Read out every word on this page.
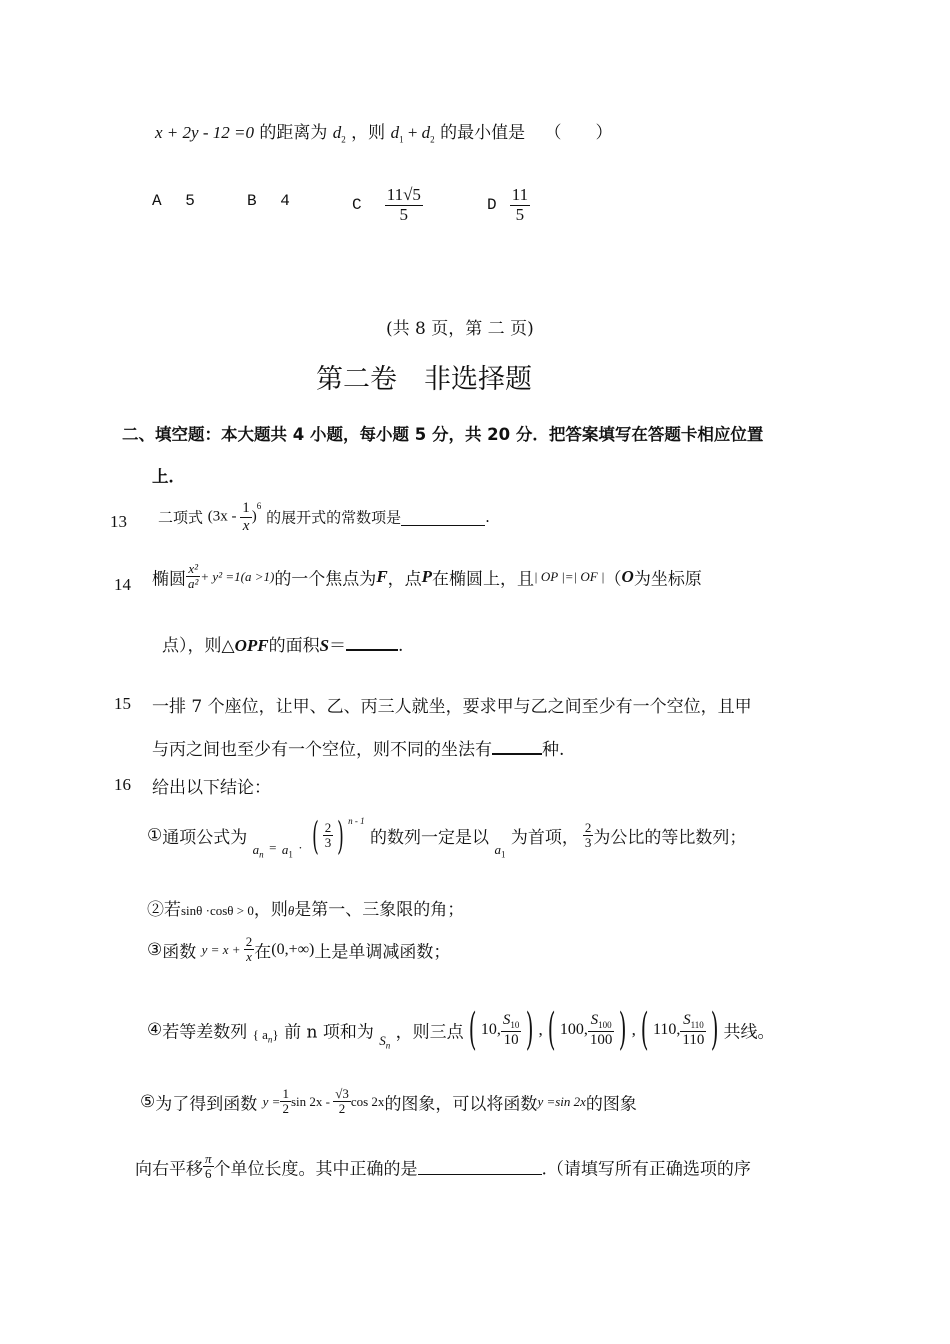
x + 2y - 12 =0 的距离为 $d_2$ ，则 $d_1 + d_2$ 的最小值是 （　　）
A 5	B 4	C $\frac{11√5}{5}$	D $\frac{11}{5}$
(共 8 页，第 二 页)
第二卷　非选择题
二、填空题：本大题共 4 小题，每小题 5 分，共 20 分．把答案填写在答题卡相应位置
上．
13 二项式 $(3x - \frac{1}{x} )^6$ 的展开式的常数项是	.
14 椭圆 $\frac{\text{x²}}{\text{a²}} + y^2 =1(a >1)$的一个焦点为F，点P在椭圆上，且| OP |=| OF |（O为坐标原
点），则△OPF的面积S＝	.
15 一排 7 个座位，让甲、乙、丙三人就坐，要求甲与乙之间至少有一个空位，且甲
与丙之间也至少有一个空位，则不同的坐法有	种.
16 给出以下结论：
①通项公式为 $_{a_n}$ $_=$ $_{a_1}$ $_\cdot$ ( $\frac{2}{3}$ ) $^{n - 1}$ 的数列一定是以 $_{a_1}$ 为首项， $\frac{2}{3}$ 为公比的等比数列；
②若sinθ ·cosθ > 0，则θ是第一、三象限的角；
③函数 $y = x + \frac{2}{x}$ 在(0,+∞)上是单调减函数；
④若等差数列 $_{\{ a_n\}}$ 前 n 项和为 $_{S_n}$ ，则三点 ( 10, $\frac{S_{10}}{10}$ ) , ( 100, $\frac{S_{100}}{100}$ ) , ( 110, $\frac{S_{110}}{110}$ ) 共线。
⑤为了得到函数 $y = \frac{1}{2}$ $\sin 2x - \frac{√3}{2}$ cos 2x的图象，可以将函数y =sin 2x的图象
向右平移 $\frac{\pi}{6}$ 个单位长度。其中正确的是	.（请填写所有正确选项的序
